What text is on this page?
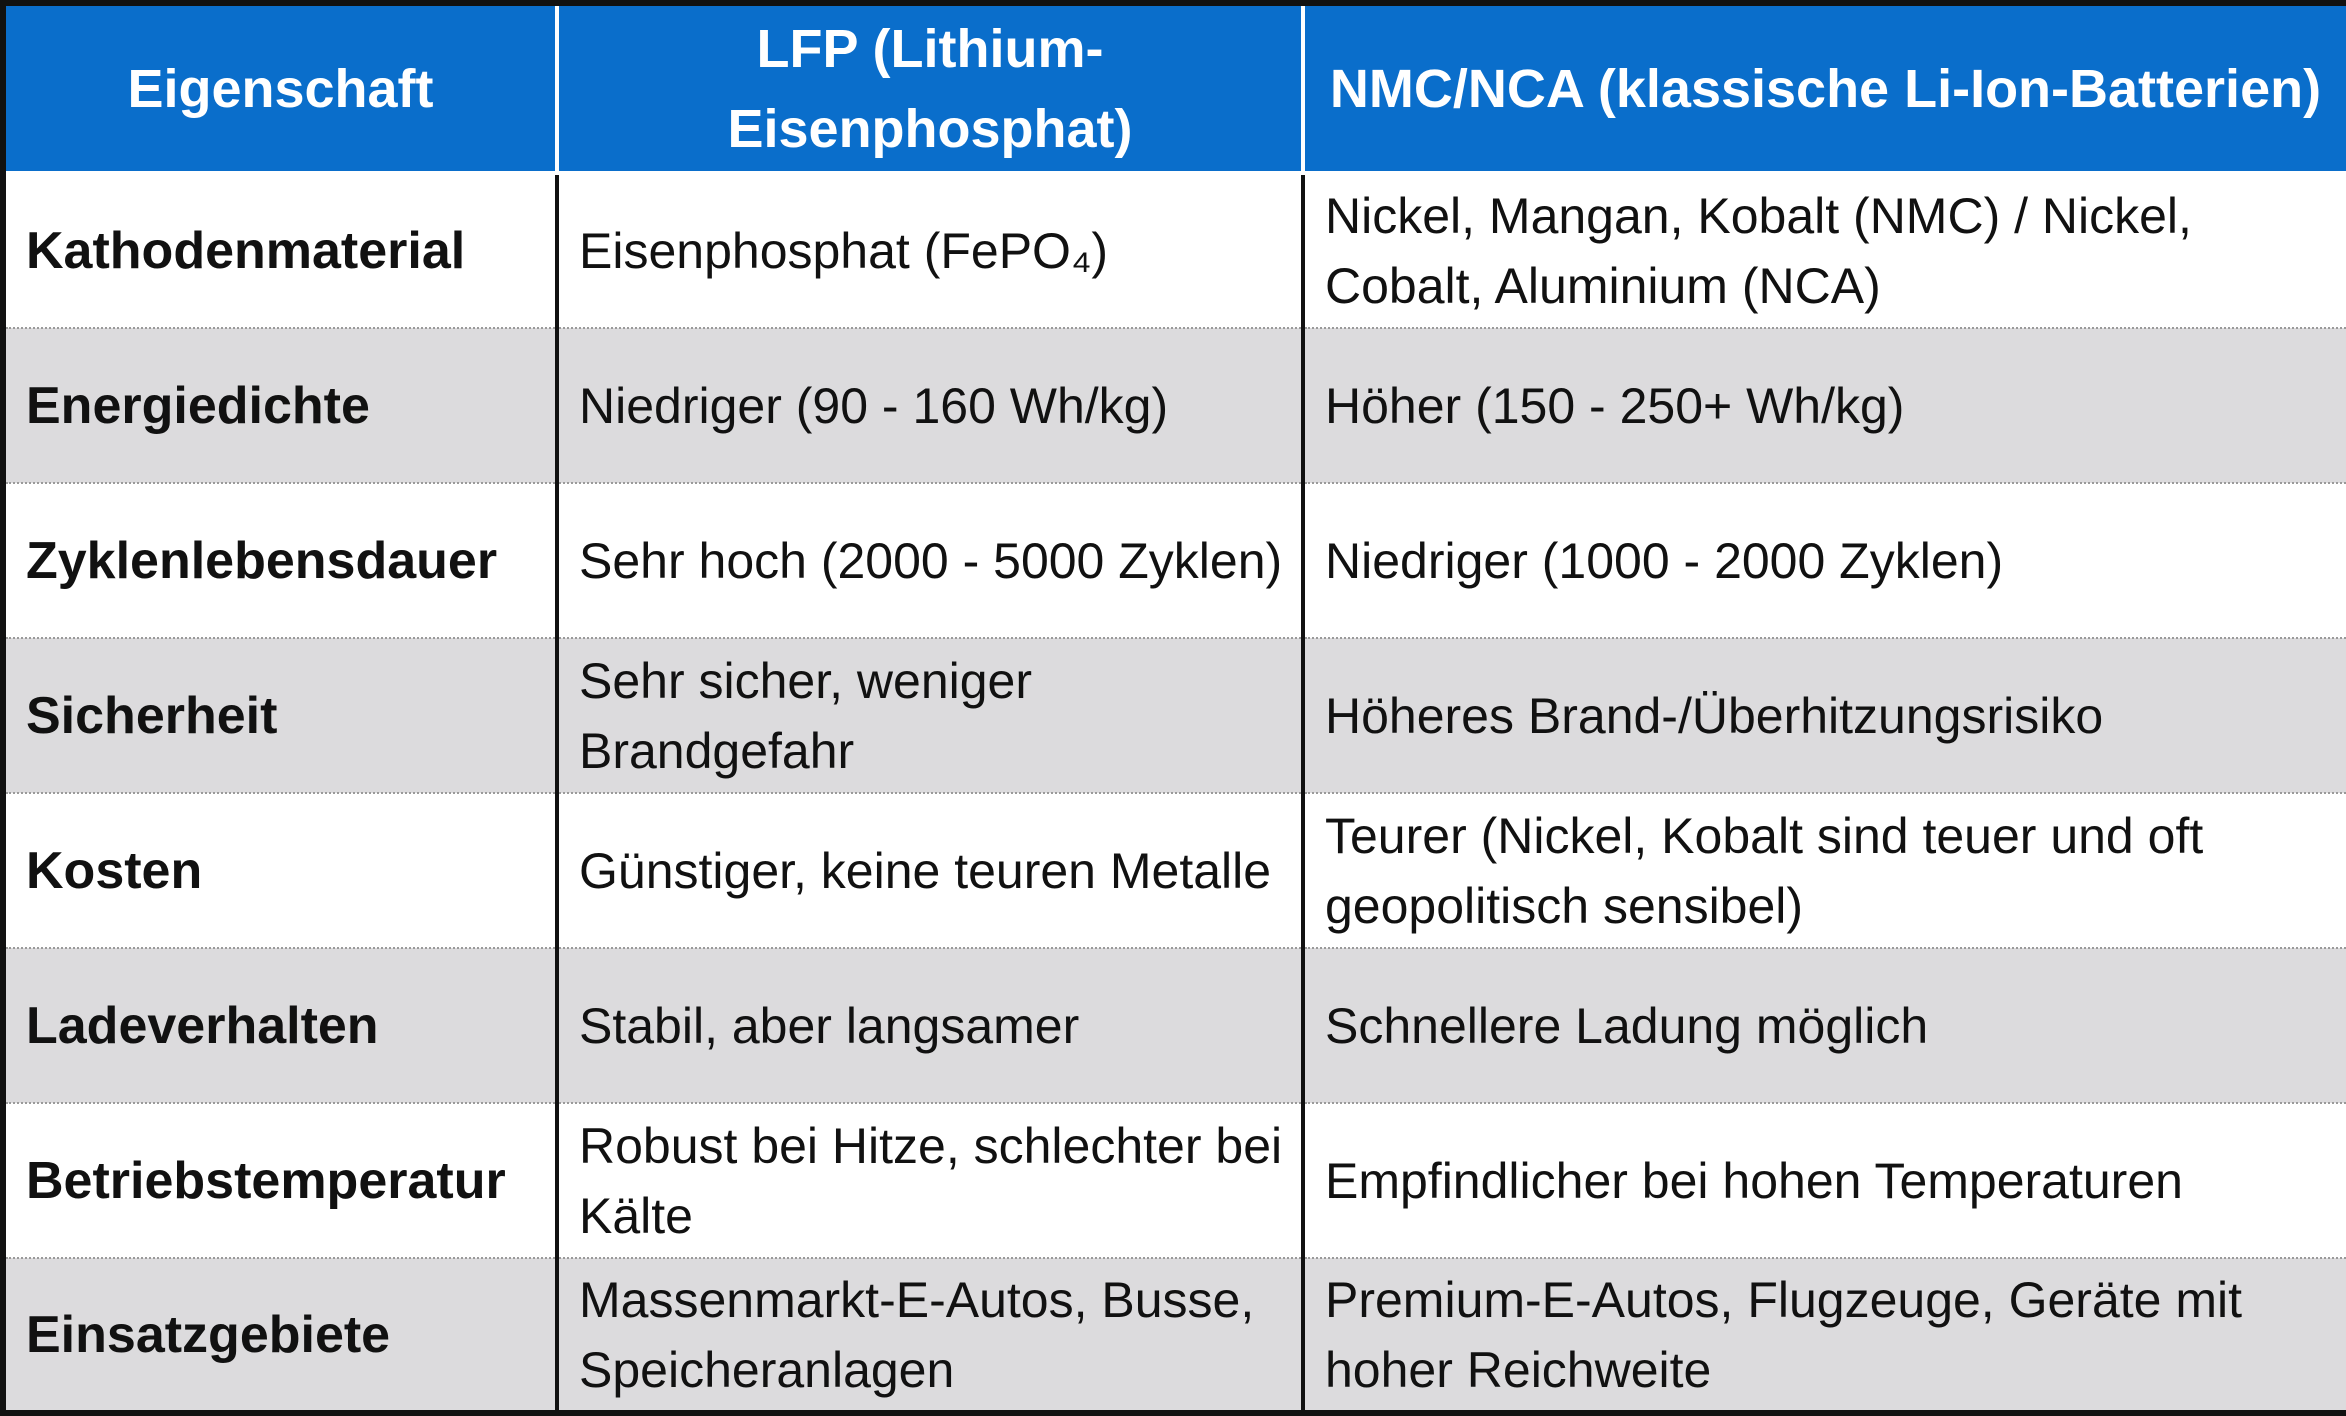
Eigenschaft	LFP (Lithium-Eisenphosphat)	NMC/NCA (klassische Li-Ion-Batterien)
Kathodenmaterial	Eisenphosphat (FePO₄)	Nickel, Mangan, Kobalt (NMC) / Nickel, Cobalt, Aluminium (NCA)
Energiedichte	Niedriger (90 - 160 Wh/kg)	Höher (150 - 250+ Wh/kg)
Zyklenlebensdauer	Sehr hoch (2000 - 5000 Zyklen)	Niedriger (1000 - 2000 Zyklen)
Sicherheit	Sehr sicher, weniger Brandgefahr	Höheres Brand-/Überhitzungsrisiko
Kosten	Günstiger, keine teuren Metalle	Teurer (Nickel, Kobalt sind teuer und oft geopolitisch sensibel)
Ladeverhalten	Stabil, aber langsamer	Schnellere Ladung möglich
Betriebstemperatur	Robust bei Hitze, schlechter bei Kälte	Empfindlicher bei hohen Temperaturen
Einsatzgebiete	Massenmarkt-E-Autos, Busse, Speicheranlagen	Premium-E-Autos, Flugzeuge, Geräte mit hoher Reichweite
